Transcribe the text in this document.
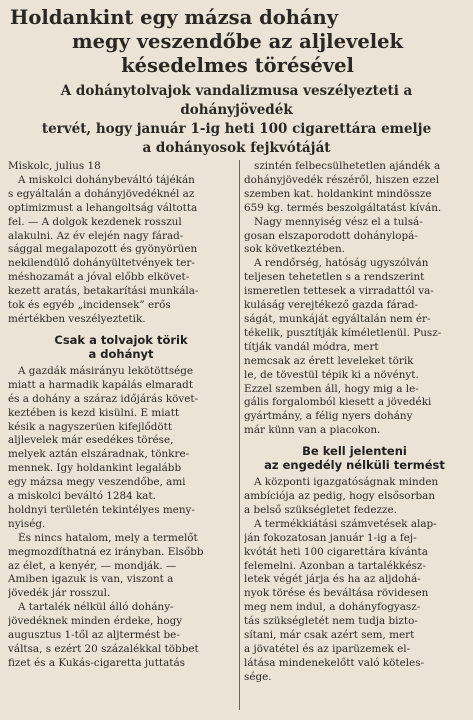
Holdankint egy mázsa dohány
megy veszendőbe az aljlevelek
késedelmes törésével
A dohánytolvajok vandalizmusa veszélyezteti a dohányjövedék
tervét, hogy január 1-ig heti 100 cigarettára emelje
a dohányosok fejkvótáját

Miskolc, julius 18

A miskolci dohánybeváltó tájékán
s egyáltalán a dohányjövedéknél az
optimizmust a lehangoltság váltotta
fel. — A dolgok kezdenek rosszul
alakulni. Az év elején nagy fárad-
sággal megalapozott és gyönyörüen
nekilendülő dohányültetvények ter-
méshozamát a jóval előbb elkövet-
kezett aratás, betakarítási munkála-
tok és egyéb „incidensek” erős
mértékben veszélyeztetik.

Csak a tolvajok törik
a dohányt

A gazdák másirányu lekötöttsége
miatt a harmadik kapálás elmaradt
és a dohány a száraz időjárás követ-
keztében is kezd kisülni. E miatt
késik a nagyszerüen kifejlődött
aljlevelek már esedékes törése,
melyek aztán elszáradnak, tönkre-
mennek. Igy holdankint legalább
egy mázsa megy veszendőbe, ami
a miskolci beváltó 1284 kat.
holdnyi területén tekintélyes meny-
nyiség.

És nincs hatalom, mely a termelőt
megmozdíthatná ez irányban. Elsőbb
az élet, a kenyér, — mondják. —
Amiben igazuk is van, viszont a
jövedék jár rosszul.

A tartalék nélkül álló dohány-
jövedéknek minden érdeke, hogy
augusztus 1-től az aljtermést be-
váltsa, s ezért 20 százalékkal többet
fizet és a Kukás-cigaretta juttatás

szintén felbecsülhetetlen ajándék a
dohányjövedék részéről, hiszen ezzel
szemben kat. holdankint mindössze
659 kg. termés beszolgáltatást kíván.

Nagy mennyiség vész el a tulsá-
gosan elszaporodott dohánylopá-
sok következtében.

A rendőrség, hatóság ugyszólván
teljesen tehetetlen s a rendszerint
ismeretlen tettesek a virradattól va-
kuláság verejtékező gazda fárad-
ságát, munkáját egyáltalán nem ér-
tékelik, pusztítják kíméletlenül. Pusz-
títják vandál módra, mert
nemcsak az érett leveleket törik
le, de tövestül tépik ki a növényt.
Ezzel szemben áll, hogy mig a le-
gális forgalomból kiesett a jövedéki
gyártmány, a félig nyers dohány
már künn van a piacokon.

Be kell jelenteni
az engedély nélküli termést

A központi igazgatóságnak minden
ambíciója az pedig, hogy elsősorban
a belső szükségletet fedezze.

A termékkiátási számvetések alap-
ján fokozatosan január 1-ig a fej-
kvótát heti 100 cigarettára kívánta
felemelni. Azonban a tartalékkész-
letek végét járja és ha az aljdohá-
nyok törése és beváltása rövidesen
meg nem indul, a dohányfogyasz-
tás szükségletét nem tudja bizto-
sítani, már csak azért sem, mert
a jövatétel és az iparüzemek el-
látása mindenekelőtt való köteles-
sége.
